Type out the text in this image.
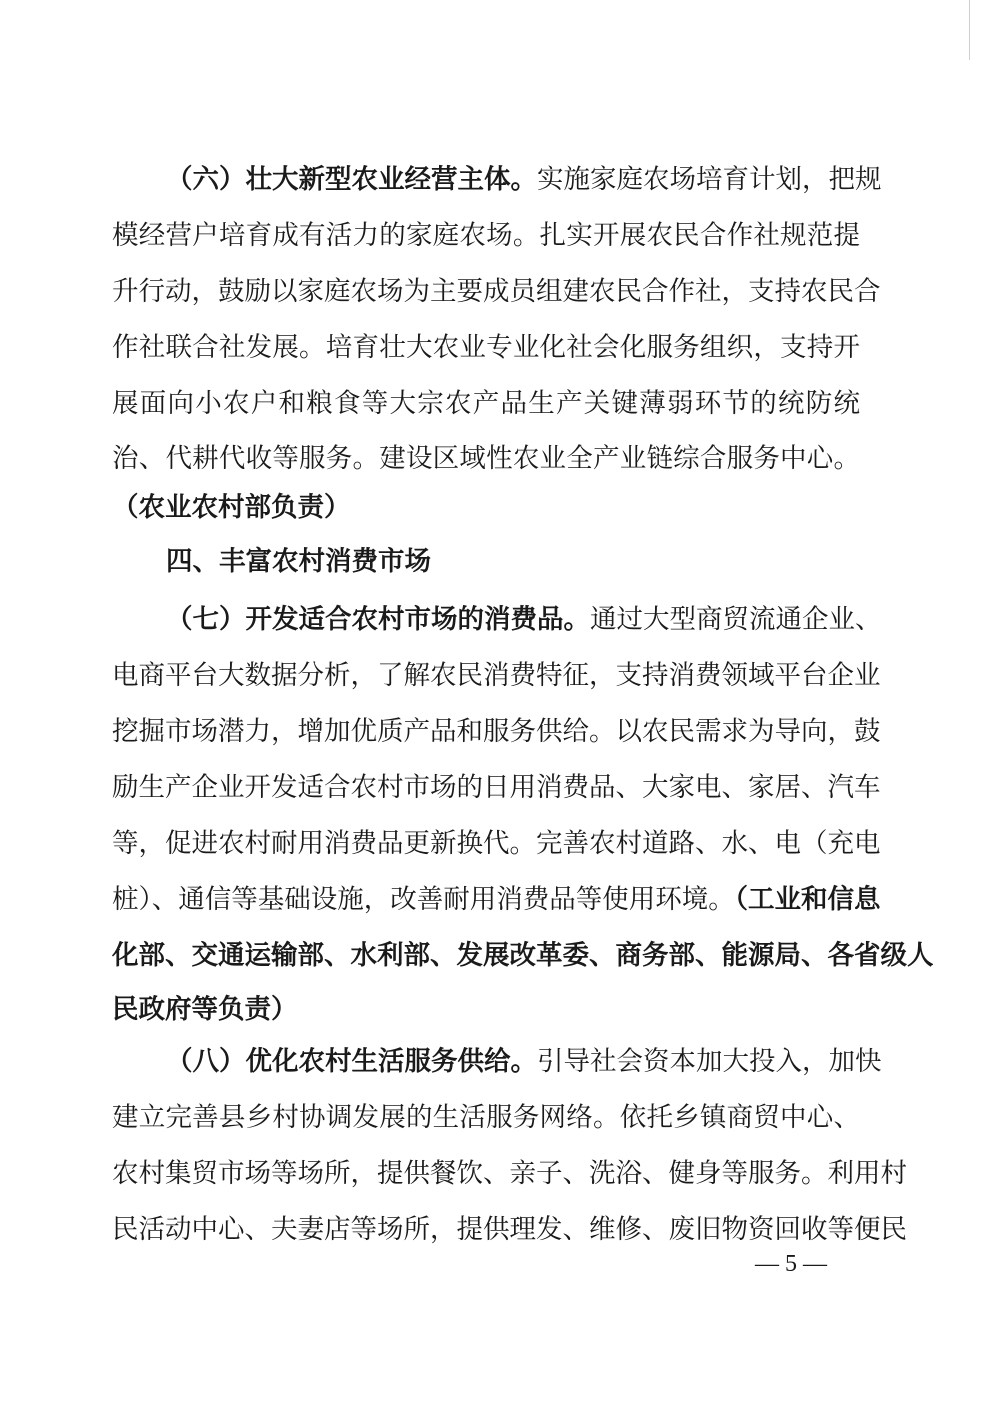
（六）壮大新型农业经营主体。实施家庭农场培育计划，把规
模经营户培育成有活力的家庭农场。扎实开展农民合作社规范提
升行动，鼓励以家庭农场为主要成员组建农民合作社，支持农民合
作社联合社发展。培育壮大农业专业化社会化服务组织，支持开
展面向小农户和粮食等大宗农产品生产关键薄弱环节的统防统
治、代耕代收等服务。建设区域性农业全产业链综合服务中心。
（农业农村部负责）
四、丰富农村消费市场
（七）开发适合农村市场的消费品。通过大型商贸流通企业、
电商平台大数据分析，了解农民消费特征，支持消费领域平台企业
挖掘市场潜力，增加优质产品和服务供给。以农民需求为导向，鼓
励生产企业开发适合农村市场的日用消费品、大家电、家居、汽车
等，促进农村耐用消费品更新换代。完善农村道路、水、电（充电
桩）、通信等基础设施，改善耐用消费品等使用环境。（工业和信息
化部、交通运输部、水利部、发展改革委、商务部、能源局、各省级人
民政府等负责）
（八）优化农村生活服务供给。引导社会资本加大投入，加快
建立完善县乡村协调发展的生活服务网络。依托乡镇商贸中心、
农村集贸市场等场所，提供餐饮、亲子、洗浴、健身等服务。利用村
民活动中心、夫妻店等场所，提供理发、维修、废旧物资回收等便民
— 5 —
